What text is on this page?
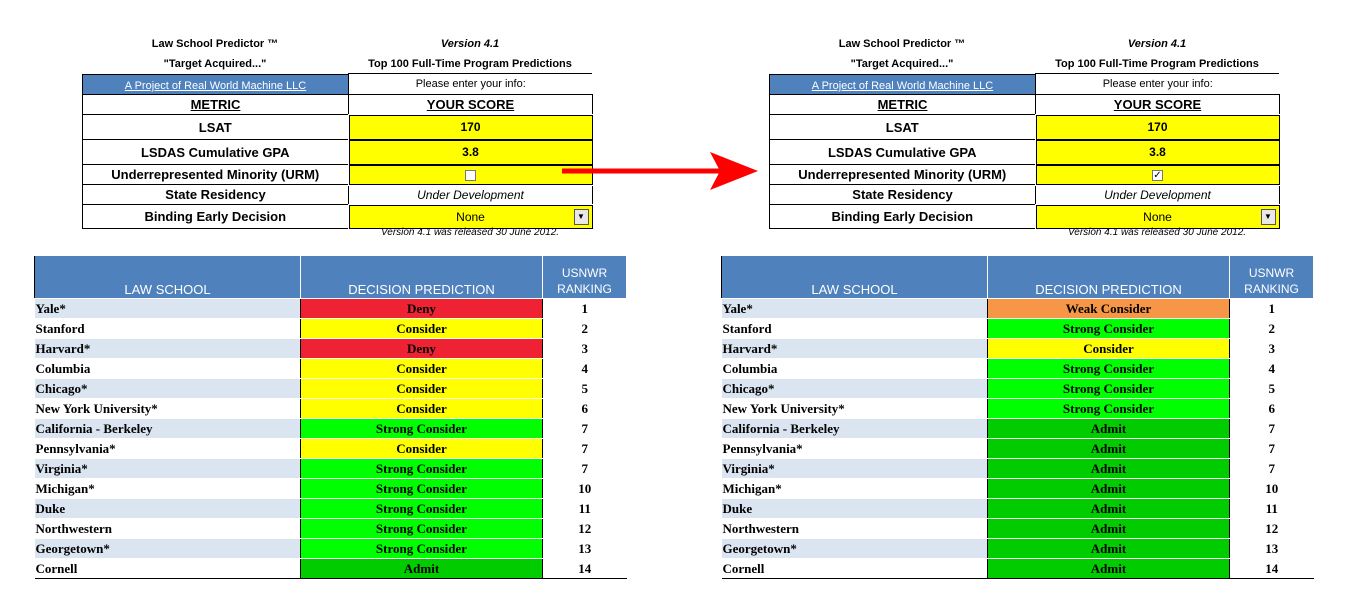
Law School Predictor ™	Version 4.1
"Target Acquired..."	Top 100 Full-Time Program Predictions
A Project of Real World Machine LLC	Please enter your info:
METRIC	YOUR SCORE
LSAT	170
LSDAS Cumulative GPA	3.8
Underrepresented Minority (URM)	
State Residency	Under Development
Binding Early Decision	None ▼
Version 4.1 was released 30 June 2012.
LAW SCHOOL	DECISION PREDICTION	USNWR
RANKING
Yale*	Deny	1
Stanford	Consider	2
Harvard*	Deny	3
Columbia	Consider	4
Chicago*	Consider	5
New York University*	Consider	6
California - Berkeley	Strong Consider	7
Pennsylvania*	Consider	7
Virginia*	Strong Consider	7
Michigan*	Strong Consider	10
Duke	Strong Consider	11
Northwestern	Strong Consider	12
Georgetown*	Strong Consider	13
Cornell	Admit	14
Law School Predictor ™	Version 4.1
"Target Acquired..."	Top 100 Full-Time Program Predictions
A Project of Real World Machine LLC	Please enter your info:
METRIC	YOUR SCORE
LSAT	170
LSDAS Cumulative GPA	3.8
Underrepresented Minority (URM)	✓
State Residency	Under Development
Binding Early Decision	None ▼
Version 4.1 was released 30 June 2012.
LAW SCHOOL	DECISION PREDICTION	USNWR
RANKING
Yale*	Weak Consider	1
Stanford	Strong Consider	2
Harvard*	Consider	3
Columbia	Strong Consider	4
Chicago*	Strong Consider	5
New York University*	Strong Consider	6
California - Berkeley	Admit	7
Pennsylvania*	Admit	7
Virginia*	Admit	7
Michigan*	Admit	10
Duke	Admit	11
Northwestern	Admit	12
Georgetown*	Admit	13
Cornell	Admit	14
